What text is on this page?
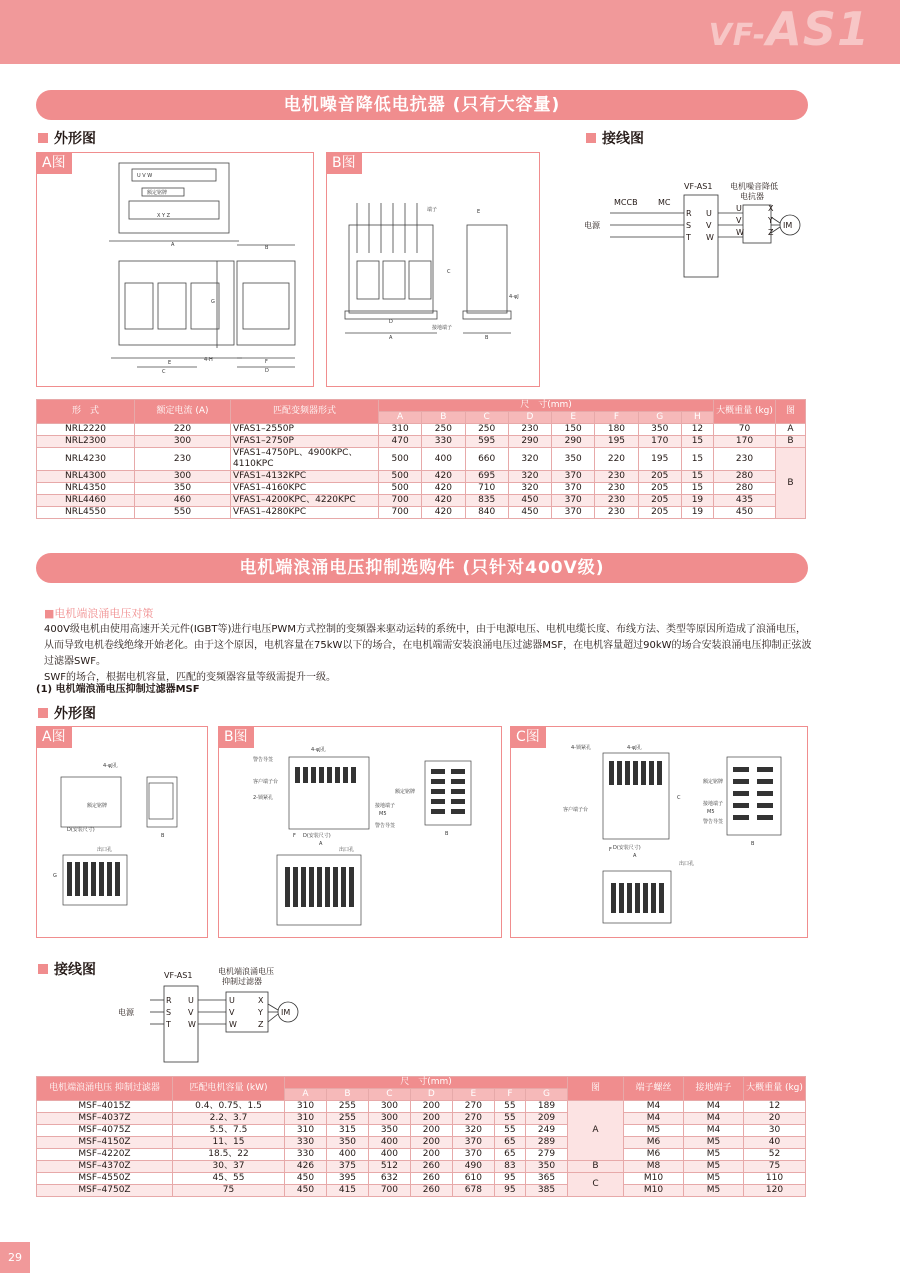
VF-AS1
电机噪音降低电抗器 (只有大容量)
外形图	接线图
A图
U V W
额定铭牌
X Y Z
A
E
C
G
B
F
D
4-H
B图
端子
接地端子
4-φJ
A	B
C
D
E
VF-AS1 电机噪音降低
电抗器
MCCB	MC
电源
R
S
T
U
V
W
U
V
W
X
Y
Z
IM
形　式	额定电流 (A)	匹配变频器形式	尺　寸(mm)								大概重量 (kg)	图
			A	B	C	D	E	F	G	H		
NRL2220	220	VFAS1–2550P	310	250	250	230	150	180	350	12	70	A
NRL2300	300	VFAS1–2750P	470	330	595	290	290	195	170	15	170	B
NRL4230	230	VFAS1–4750PL、4900KPC、 4110KPC	500	400	660	320	350	220	195	15	230	B
NRL4300	300	VFAS1–4132KPC	500	420	695	320	370	230	205	15	280	
NRL4350	350	VFAS1–4160KPC	500	420	710	320	370	230	205	15	280	
NRL4460	460	VFAS1–4200KPC、4220KPC	700	420	835	450	370	230	205	19	435	
NRL4550	550	VFAS1–4280KPC	700	420	840	450	370	230	205	19	450	
电机端浪涌电压抑制选购件 (只针对400V级)
■电机端浪涌电压对策
400V级电机由使用高速开关元件(IGBT等)进行电压PWM方式控制的变频器来驱动运转的系统中，由于电源电压、电机电缆长度、布线方法、类型等原因所造成了浪涌电压，从而导致电机卷线绝缘开始老化。由于这个原因，电机容量在75kW以下的场合，在电机端需安装浪涌电压过滤器MSF，在电机容量超过90kW的场合安装浪涌电压抑制正弦波过滤器SWF。
SWF的场合，根据电机容量，匹配的变频器容量等级需提升一级。
(1) 电机端浪涌电压抑制过滤器MSF
外形图
A图
4-φJ孔
额定铭牌
D(安装尺寸)
出口孔
B
G
B图
4-φJ孔
警告导签
客户端子台
2-锁紧孔
接地端子
M5
警告导签
额定铭牌
出口孔
D(安装尺寸)
A
B
F
C图
4-锁紧孔	4-φJ孔
额定铭牌
接地端子
M5
警告导签
客户端子台
出口孔
D(安装尺寸)
A
B
F
C
接线图	VF-AS1	电机端浪涌电压
抑制过滤器
电源
R
S
T
U
V
W
U
V
W
X
Y
Z
IM
电机端浪涌电压 抑制过滤器	匹配电机容量 (kW)	尺　寸(mm)							图	端子螺丝	接地端子	大概重量 (kg)
		A	B	C	D	E	F	G				
MSF–4015Z	0.4、0.75、1.5	310	255	300	200	270	55	189	A	M4	M4	12
MSF–4037Z	2.2、3.7	310	255	300	200	270	55	209		M4	M4	20
MSF–4075Z	5.5、7.5	310	315	350	200	320	55	249		M5	M4	30
MSF–4150Z	11、15	330	350	400	200	370	65	289		M6	M5	40
MSF–4220Z	18.5、22	330	400	400	200	370	65	279		M6	M5	52
MSF–4370Z	30、37	426	375	512	260	490	83	350	B	M8	M5	75
MSF–4550Z	45、55	450	395	632	260	610	95	365	C	M10	M5	110
MSF–4750Z	75	450	415	700	260	678	95	385		M10	M5	120
29
